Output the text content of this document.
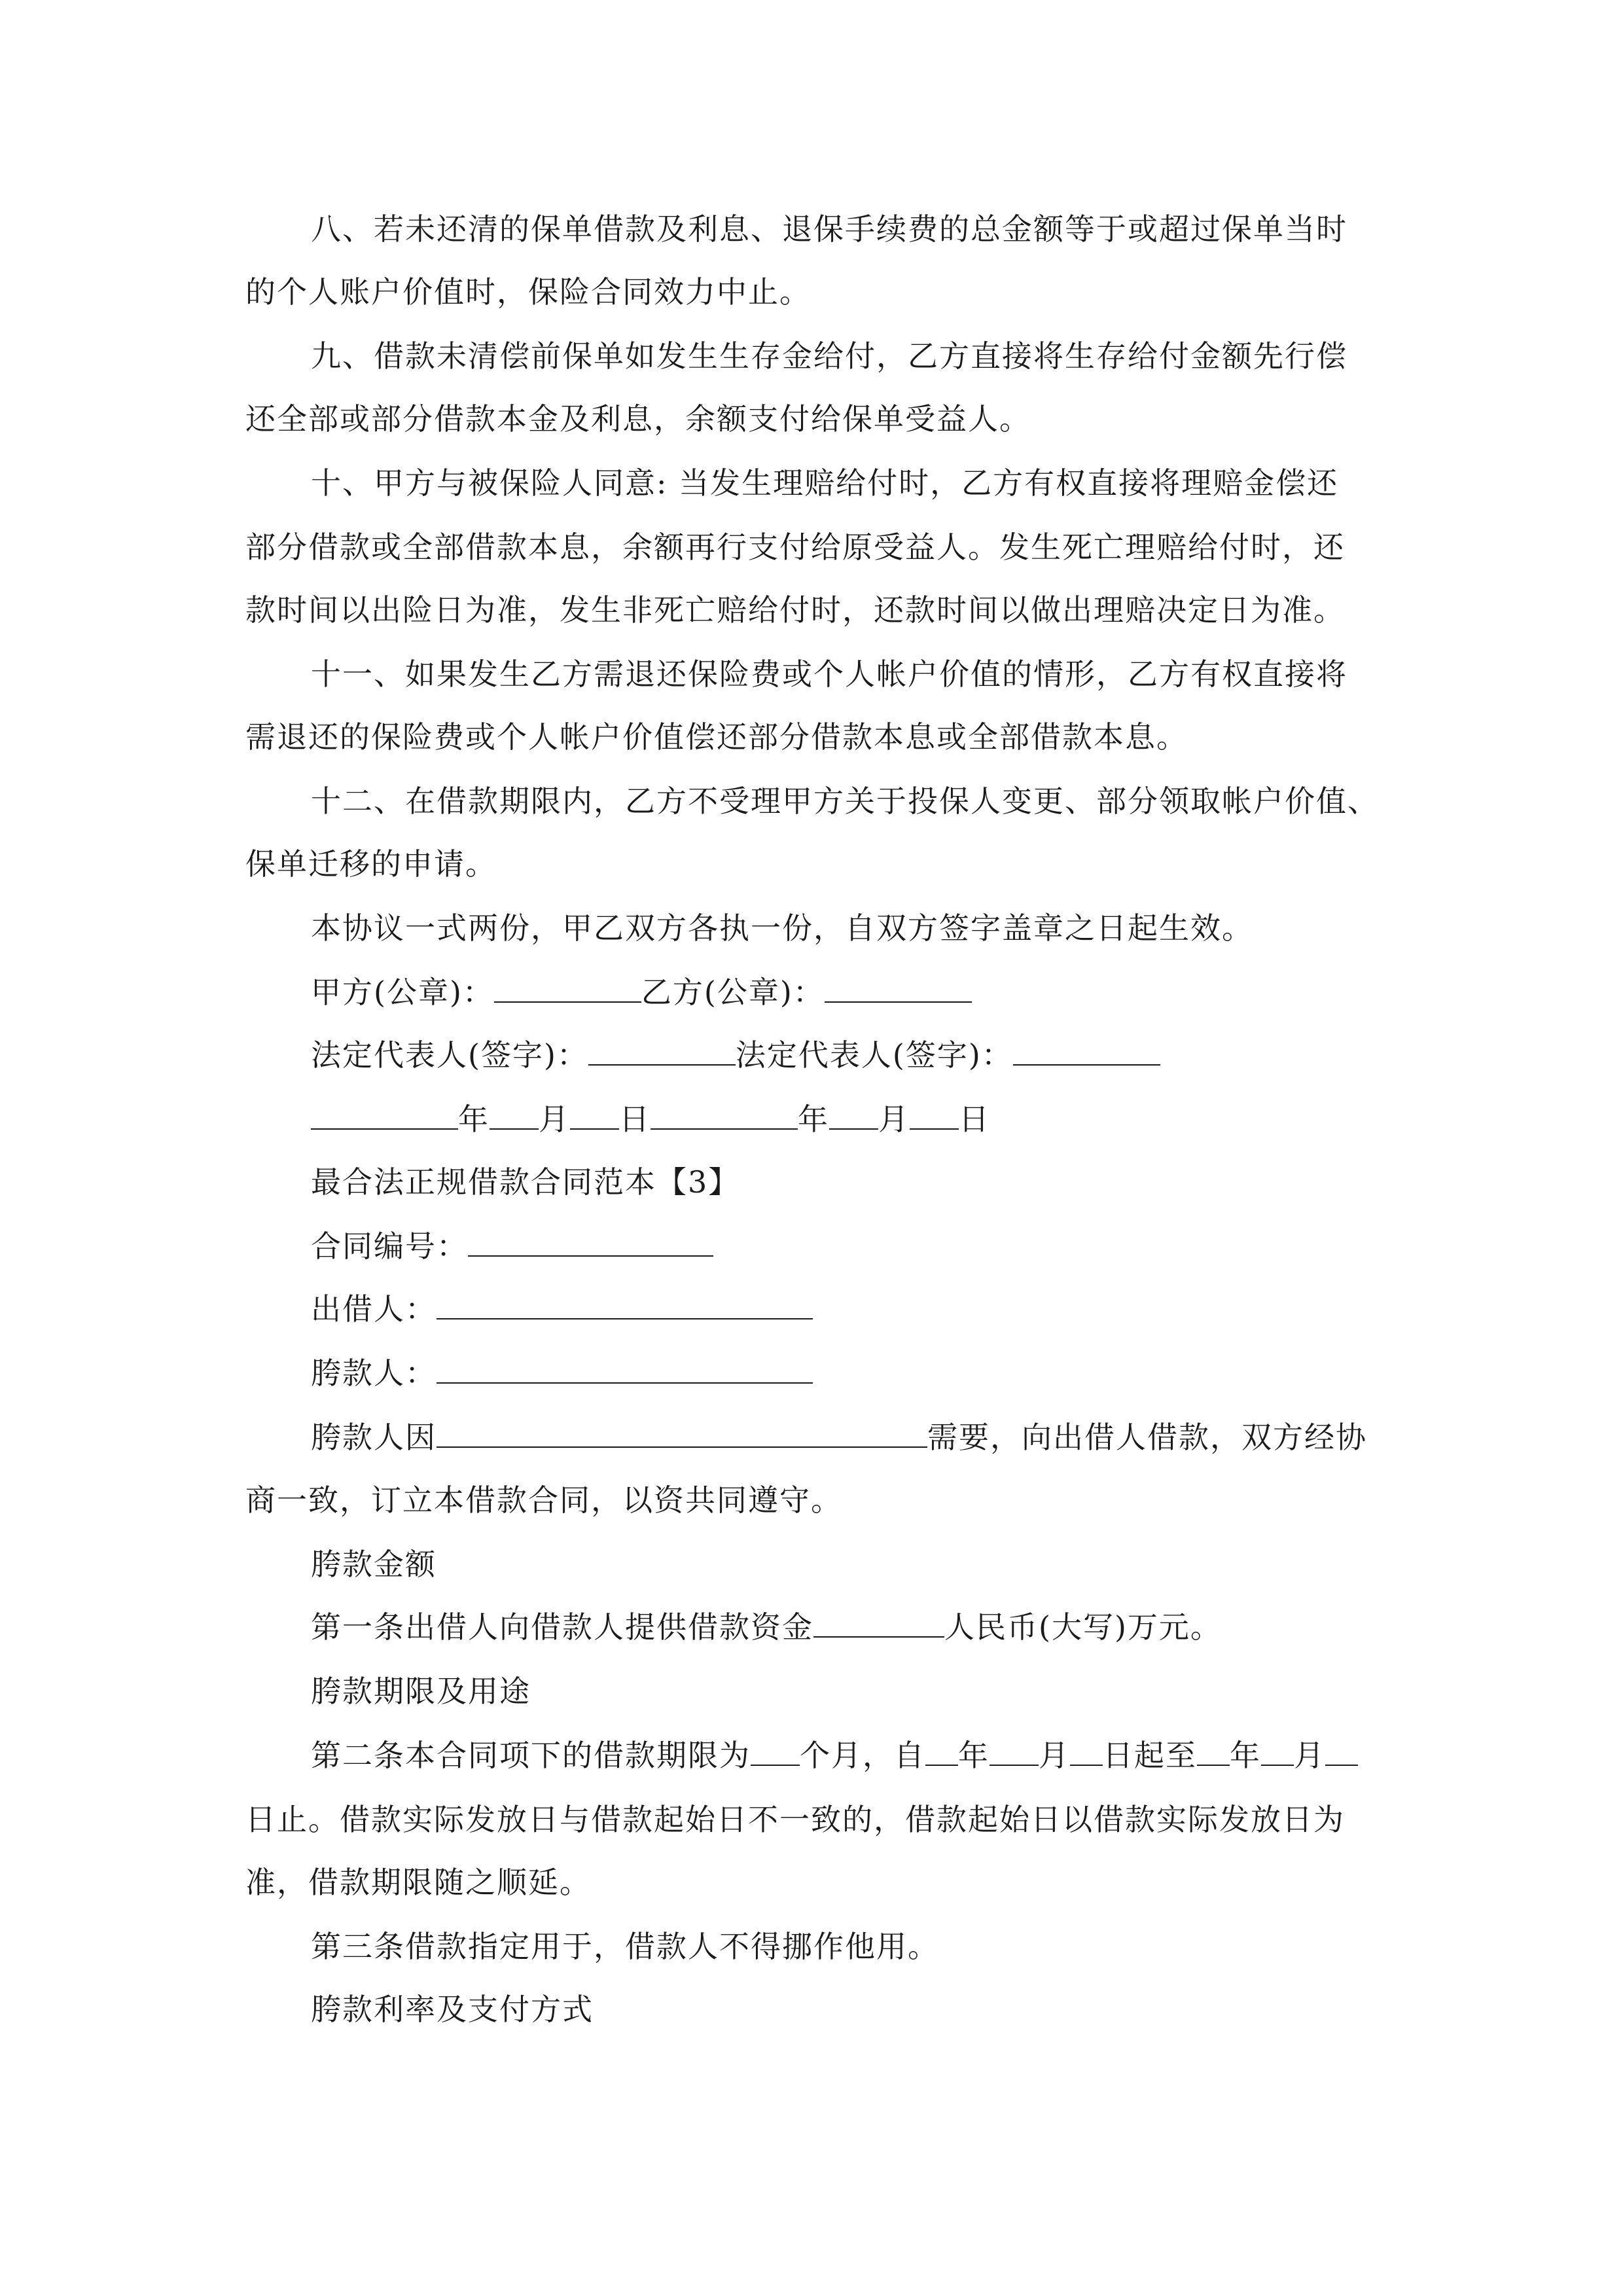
八、若未还清的保单借款及利息、退保手续费的总金额等于或超过保单当时
的个人账户价值时，保险合同效力中止。
九、借款未清偿前保单如发生生存金给付，乙方直接将生存给付金额先行偿
还全部或部分借款本金及利息，余额支付给保单受益人。
十、甲方与被保险人同意: 当发生理赔给付时，乙方有权直接将理赔金偿还
部分借款或全部借款本息，余额再行支付给原受益人。发生死亡理赔给付时，还
款时间以出险日为准，发生非死亡赔给付时，还款时间以做出理赔决定日为准。
十一、如果发生乙方需退还保险费或个人帐户价值的情形，乙方有权直接将
需退还的保险费或个人帐户价值偿还部分借款本息或全部借款本息。
十二、在借款期限内，乙方不受理甲方关于投保人变更、部分领取帐户价值、
保单迁移的申请。
本协议一式两份，甲乙双方各执一份，自双方签字盖章之日起生效。
甲方(公章)：	乙方(公章)：
法定代表人(签字)：	法定代表人(签字)：
年 月 日	年 月 日
最合法正规借款合同范本【3】
合同编号：
出借人：
胯款人：
胯款人因	需要，向出借人借款，双方经协
商一致，订立本借款合同，以资共同遵守。
胯款金额
第一条出借人向借款人提供借款资金	人民币(大写)万元。
胯款期限及用途
第二条本合同项下的借款期限为 个月，自 年 月 日起至 年 月
日止。借款实际发放日与借款起始日不一致的，借款起始日以借款实际发放日为
准，借款期限随之顺延。
第三条借款指定用于，借款人不得挪作他用。
胯款利率及支付方式
